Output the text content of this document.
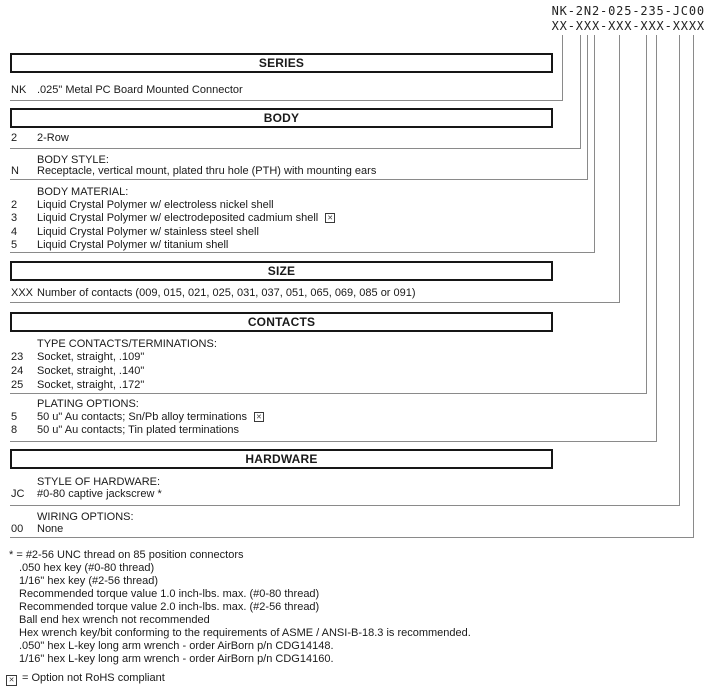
NK-2N2-025-235-JC00
XX-XXX-XXX-XXX-XXXX
SERIES
NK .025" Metal PC Board Mounted Connector
BODY
2 2-Row
BODY STYLE:
N Receptacle, vertical mount, plated thru hole (PTH) with mounting ears
BODY MATERIAL:
2 Liquid Crystal Polymer w/ electroless nickel shell
3 Liquid Crystal Polymer w/ electrodeposited cadmium shell ✕
4 Liquid Crystal Polymer w/ stainless steel shell
5 Liquid Crystal Polymer w/ titanium shell
SIZE
XXX Number of contacts (009, 015, 021, 025, 031, 037, 051, 065, 069, 085 or 091)
CONTACTS
TYPE CONTACTS/TERMINATIONS:
23 Socket, straight, .109"
24 Socket, straight, .140"
25 Socket, straight, .172"
PLATING OPTIONS:
5 50 u" Au contacts; Sn/Pb alloy terminations ✕
8 50 u" Au contacts; Tin plated terminations
HARDWARE
STYLE OF HARDWARE:
JC #0-80 captive jackscrew *
WIRING OPTIONS:
00 None
* = #2-56 UNC thread on 85 position connectors
.050 hex key (#0-80 thread)
1/16" hex key (#2-56 thread)
Recommended torque value 1.0 inch-lbs. max. (#0-80 thread)
Recommended torque value 2.0 inch-lbs. max. (#2-56 thread)
Ball end hex wrench not recommended
Hex wrench key/bit conforming to the requirements of ASME / ANSI-B-18.3 is recommended.
.050" hex L-key long arm wrench - order AirBorn p/n CDG14148.
1/16" hex L-key long arm wrench - order AirBorn p/n CDG14160.
✕ = Option not RoHS compliant
